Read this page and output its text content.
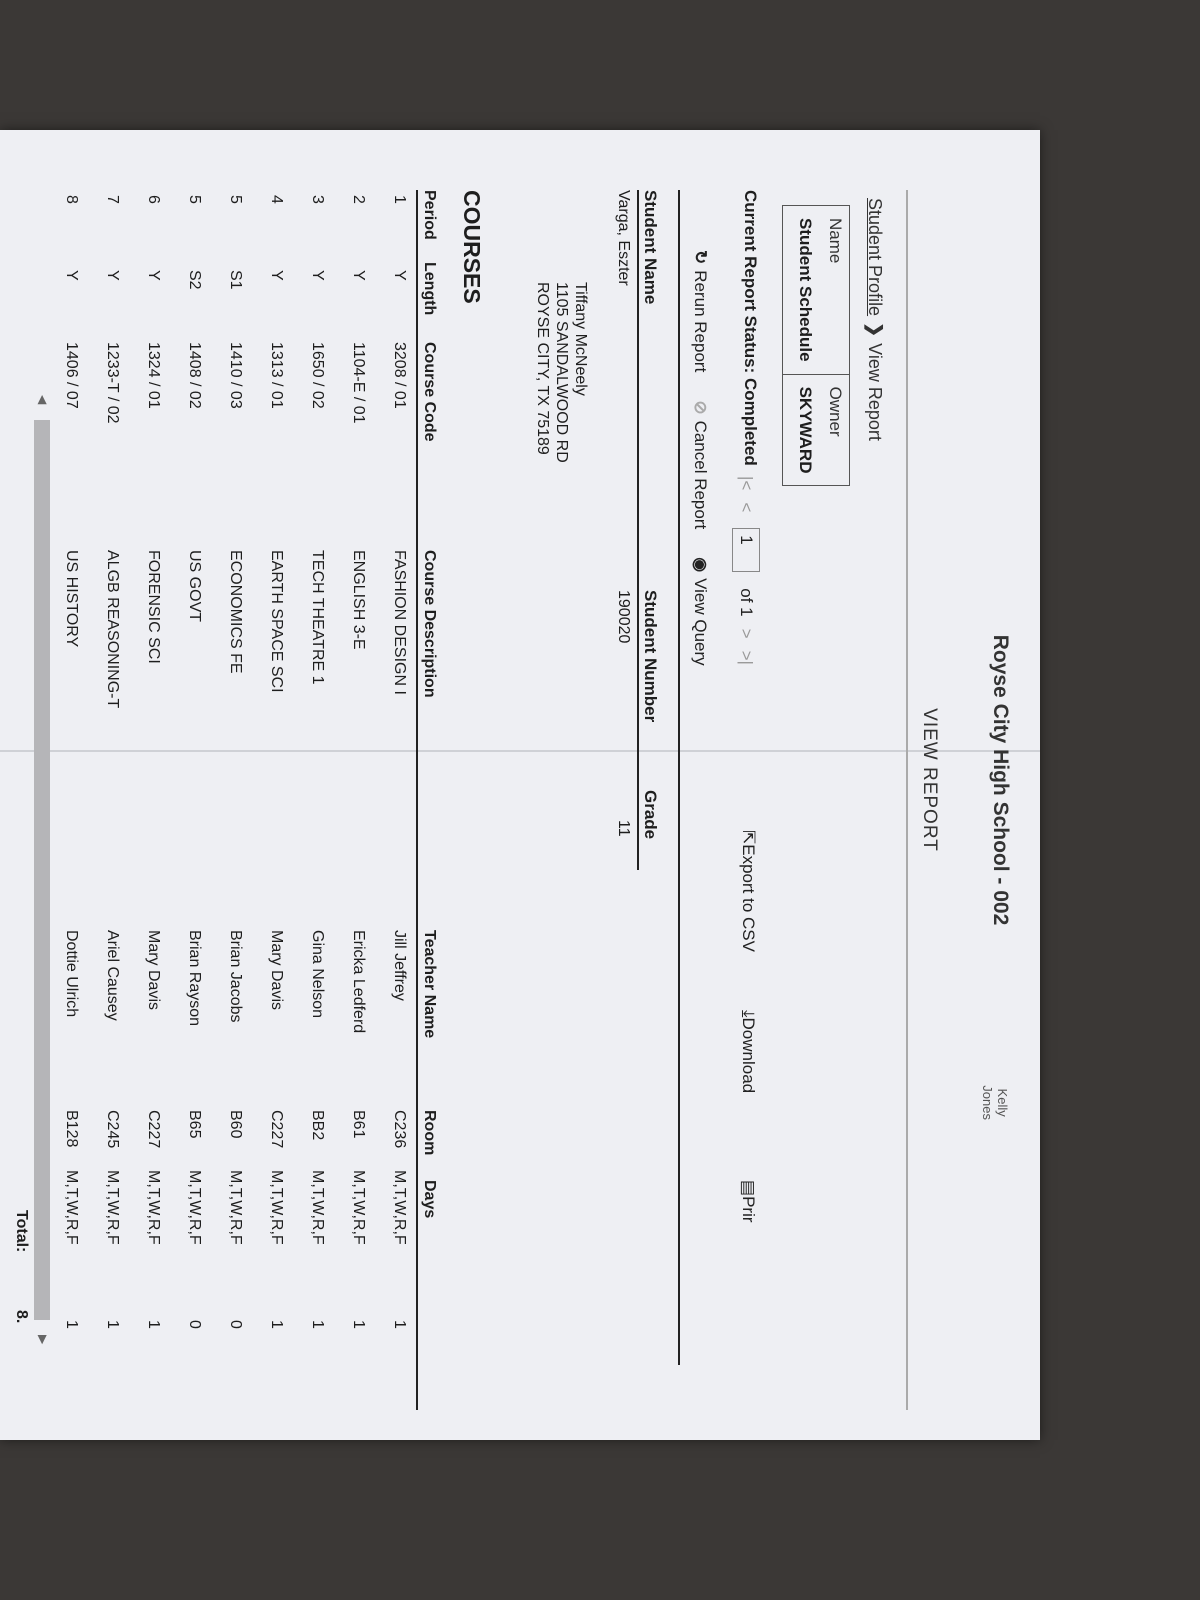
Royse City High School - 002
Kelly
Jones
VIEW REPORT
Student Profile❯View Report
Name
Student Schedule
Owner
SKYWARD
Current Report Status: Completed
|<
<
1
of 1
>
>|
⇱Export to CSV
⤓Download
▤Prir
↻Rerun Report
⊘Cancel Report
◉View Query
Student Name
Student Number
Grade
Varga, Eszter
190020
11
Tiffany McNeely
1105 SANDALWOOD RD
ROYSE CITY, TX 75189
COURSES
Period
Length
Course Code
Course Description
Teacher Name
Room
Days
1
Y
3208 / 01
FASHION DESIGN I
Jill Jeffrey
C236
M,T,W,R,F
1
2
Y
1104-E / 01
ENGLISH 3-E
Ericka Ledferd
B61
M,T,W,R,F
1
3
Y
1650 / 02
TECH THEATRE 1
Gina Nelson
BB2
M,T,W,R,F
1
4
Y
1313 / 01
EARTH SPACE SCI
Mary Davis
C227
M,T,W,R,F
1
5
S1
1410 / 03
ECONOMICS FE
Brian Jacobs
B60
M,T,W,R,F
0
5
S2
1408 / 02
US GOVT
Brian Rayson
B65
M,T,W,R,F
0
6
Y
1324 / 01
FORENSIC SCI
Mary Davis
C227
M,T,W,R,F
1
7
Y
1233-T / 02
ALGB REASONING-T
Ariel Causey
C245
M,T,W,R,F
1
8
Y
1406 / 07
US HISTORY
Dottie Ulrich
B128
M,T,W,R,F
1
Total:
8.
◀
▶
